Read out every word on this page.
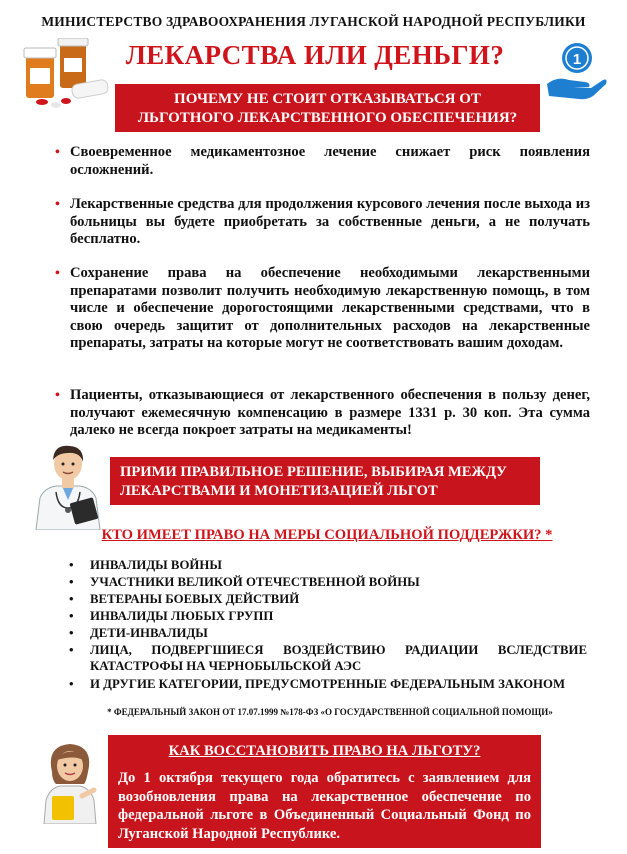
МИНИСТЕРСТВО ЗДРАВООХРАНЕНИЯ ЛУГАНСКОЙ НАРОДНОЙ РЕСПУБЛИКИ
ЛЕКАРСТВА ИЛИ ДЕНЬГИ?	1
ПОЧЕМУ НЕ СТОИТ ОТКАЗЫВАТЬСЯ ОТ
ЛЬГОТНОГО ЛЕКАРСТВЕННОГО ОБЕСПЕЧЕНИЯ?
• Своевременное медикаментозное лечение снижает риск появления осложнений.
• Лекарственные средства для продолжения курсового лечения после выхода из больницы вы будете приобретать за собственные деньги, а не получать бесплатно.
• Сохранение права на обеспечение необходимыми лекарственными препаратами позволит получить необходимую лекарственную помощь, в том числе и обеспечение дорогостоящими лекарственными средствами, что в свою очередь защитит от дополнительных расходов на лекарственные препараты, затраты на которые могут не соответствовать вашим доходам.
• Пациенты, отказывающиеся от лекарственного обеспечения в пользу денег, получают ежемесячную компенсацию в размере 1331 р. 30 коп. Эта сумма далеко не всегда покроет затраты на медикаменты!
ПРИМИ ПРАВИЛЬНОЕ РЕШЕНИЕ, ВЫБИРАЯ МЕЖДУ
ЛЕКАРСТВАМИ И МОНЕТИЗАЦИЕЙ ЛЬГОТ
КТО ИМЕЕТ ПРАВО НА МЕРЫ СОЦИАЛЬНОЙ ПОДДЕРЖКИ? *
• ИНВАЛИДЫ ВОЙНЫ
• УЧАСТНИКИ ВЕЛИКОЙ ОТЕЧЕСТВЕННОЙ ВОЙНЫ
• ВЕТЕРАНЫ БОЕВЫХ ДЕЙСТВИЙ
• ИНВАЛИДЫ ЛЮБЫХ ГРУПП
• ДЕТИ-ИНВАЛИДЫ
• ЛИЦА, ПОДВЕРГШИЕСЯ ВОЗДЕЙСТВИЮ РАДИАЦИИ ВСЛЕДСТВИЕ КАТАСТРОФЫ НА ЧЕРНОБЫЛЬСКОЙ АЭС
• И ДРУГИЕ КАТЕГОРИИ, ПРЕДУСМОТРЕННЫЕ ФЕДЕРАЛЬНЫМ ЗАКОНОМ
* ФЕДЕРАЛЬНЫЙ ЗАКОН ОТ 17.07.1999 №178-ФЗ «О ГОСУДАРСТВЕННОЙ СОЦИАЛЬНОЙ ПОМОЩИ»
КАК ВОССТАНОВИТЬ ПРАВО НА ЛЬГОТУ?
До 1 октября текущего года обратитесь с заявлением для возобновления права на лекарственное обеспечение по федеральной льготе в Объединенный Социальный Фонд по Луганской Народной Республике.
